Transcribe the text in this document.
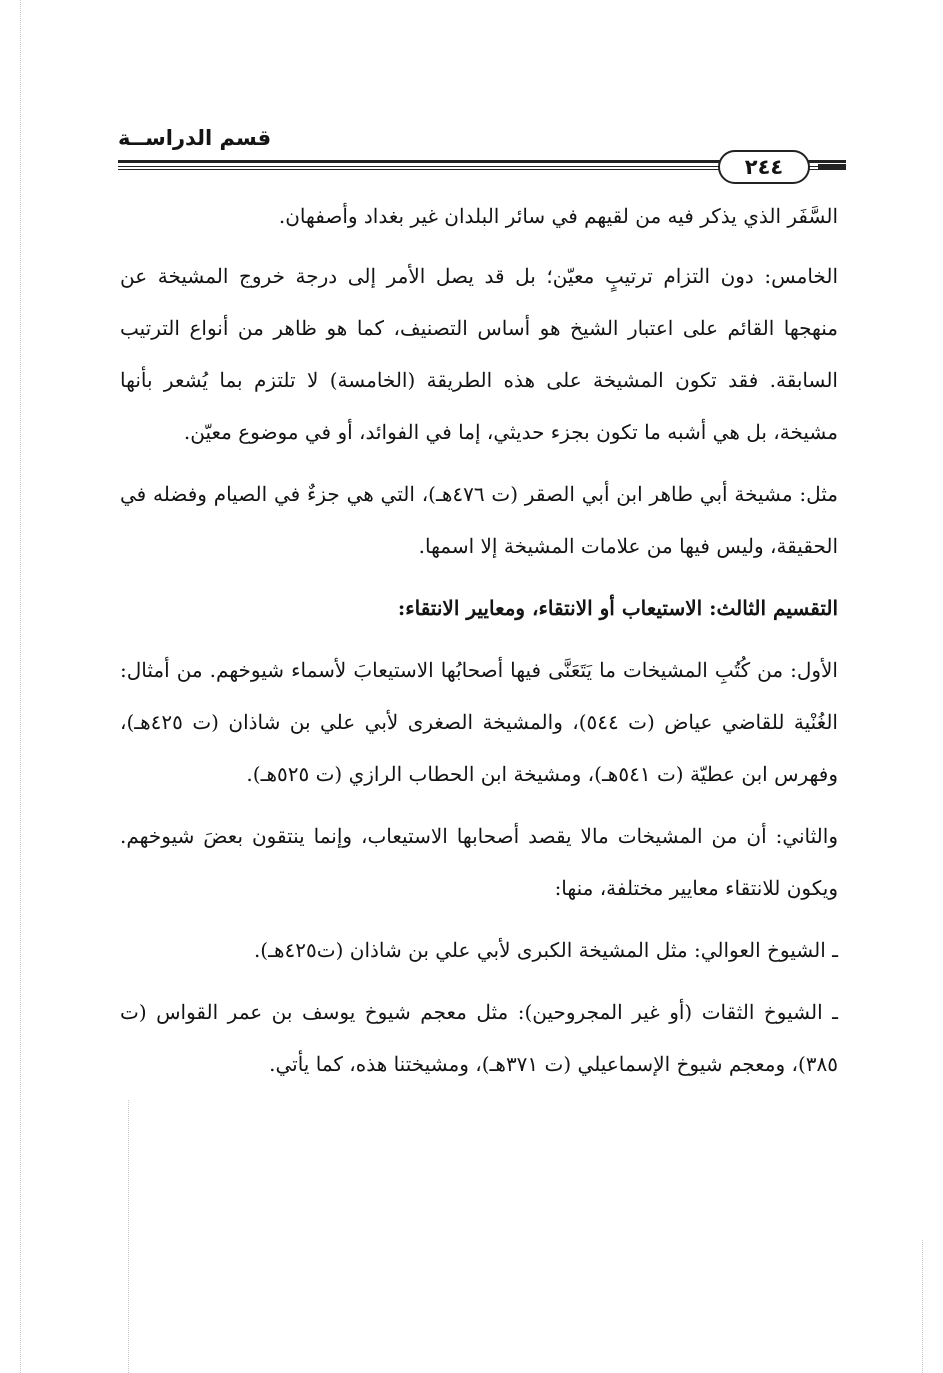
قسم الدراســة
٢٤٤

السَّفَر الذي يذكر فيه من لقيهم في سائر البلدان غير بغداد وأصفهان.

الخامس: دون التزام ترتيبٍ معيّن؛ بل قد يصل الأمر إلى درجة خروج المشيخة عن منهجها القائم على اعتبار الشيخ هو أساس التصنيف، كما هو ظاهر من أنواع الترتيب السابقة. فقد تكون المشيخة على هذه الطريقة (الخامسة) لا تلتزم بما يُشعر بأنها مشيخة، بل هي أشبه ما تكون بجزء حديثي، إما في الفوائد، أو في موضوع معيّن.

مثل: مشيخة أبي طاهر ابن أبي الصقر (ت ٤٧٦هـ)، التي هي جزءٌ في الصيام وفضله في الحقيقة، وليس فيها من علامات المشيخة إلا اسمها.

التقسيم الثالث: الاستيعاب أو الانتقاء، ومعايير الانتقاء:

الأول: من كُتُبِ المشيخات ما يَتَعَنَّى فيها أصحابُها الاستيعابَ لأسماء شيوخهم. من أمثال: الغُنْية للقاضي عياض (ت ٥٤٤)، والمشيخة الصغرى لأبي علي بن شاذان (ت ٤٢٥هـ)، وفهرس ابن عطيّة (ت ٥٤١هـ)، ومشيخة ابن الحطاب الرازي (ت ٥٢٥هـ).

والثاني: أن من المشيخات مالا يقصد أصحابها الاستيعاب، وإنما ينتقون بعضَ شيوخهم. ويكون للانتقاء معايير مختلفة، منها:

ـ الشيوخ العوالي: مثل المشيخة الكبرى لأبي علي بن شاذان (ت٤٢٥هـ).

ـ الشيوخ الثقات (أو غير المجروحين): مثل معجم شيوخ يوسف بن عمر القواس (ت ٣٨٥)، ومعجم شيوخ الإسماعيلي (ت ٣٧١هـ)، ومشيختنا هذه، كما يأتي.
